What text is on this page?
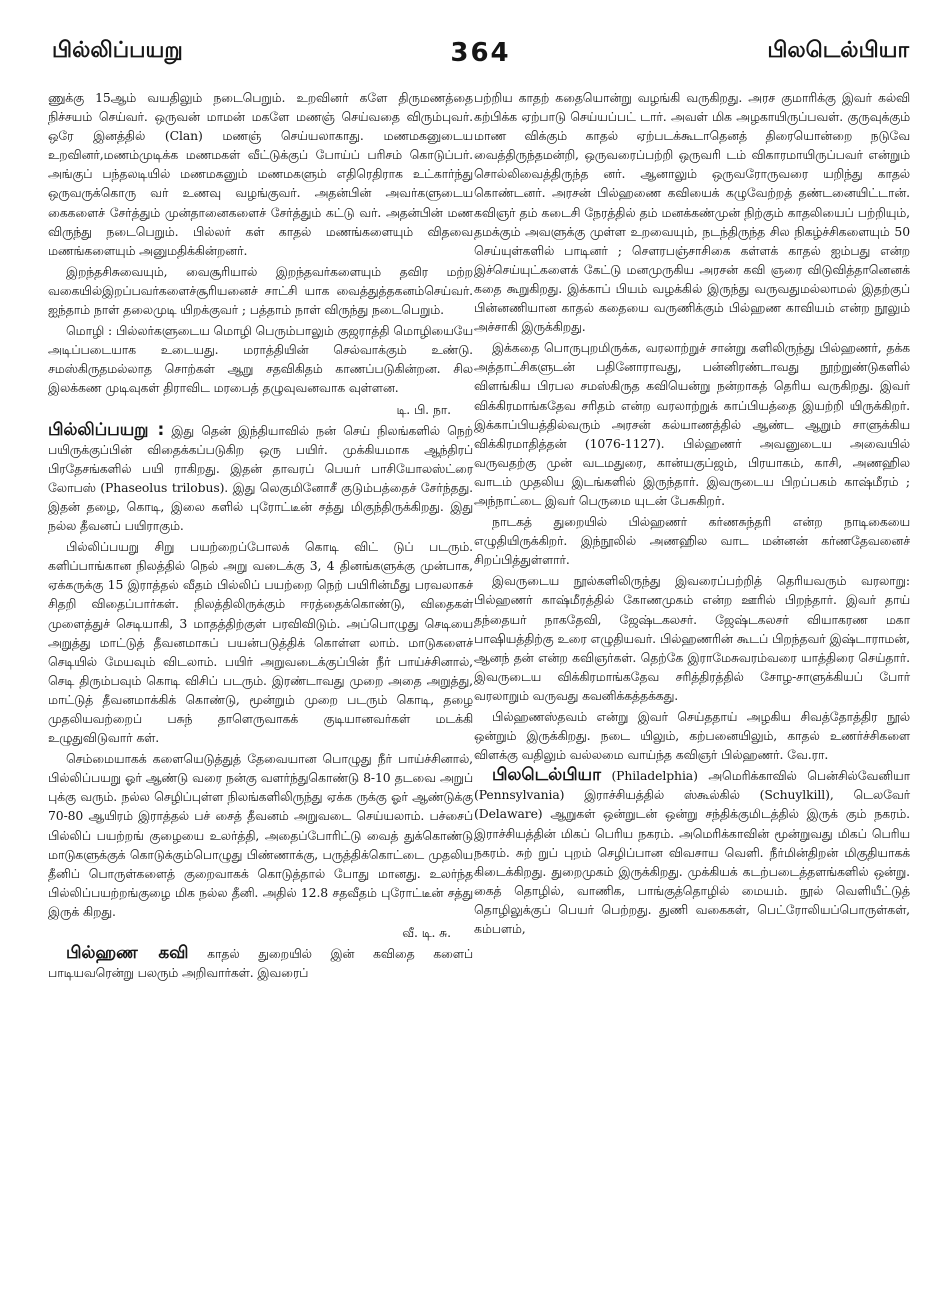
பில்லிப்பயறு	364	பிலடெல்பியா

ணுக்கு 15ஆம் வயதிலும் நடைபெறும். உறவினர் களே திருமணத்தை நிச்சயம் செய்வர். ஒருவன் மாமன் மகளே மணஞ் செய்வதை விரும்புவர். ஒரே இனத்தில் (Clan) மணஞ் செய்யலாகாது. மணமகனுடைய உறவினர்,மணம்முடிக்க மணமகள் வீட்டுக்குப் போய்ப் பரிசம் கொடுப்பர். அங்குப் பந்தலடியில் மணமகனும் மணமகளும் எதிரெதிராக உட்கார்ந்து ஒருவருக்கொரு வர் உணவு வழங்குவர். அதன்பின் அவர்களுடைய கைகளைச் சேர்த்தும் முன்தானைகளைச் சேர்த்தும் கட்டு வர். அதன்பின் மண விருந்து நடைபெறும். பில்லர் கள் காதல் மணங்களையும் விதவை மணங்களையும் அனுமதிக்கின்றனர்.

இறந்தசிசுவையும், வைசூரியால் இறந்தவர்களையும் தவிர மற்ற வகையில்இறப்பவர்களைச்சூரியனைச் சாட்சி யாக வைத்துத்தகனம்செய்வர். ஐந்தாம் நாள் தலைமுடி யிறக்குவர் ; பத்தாம் நாள் விருந்து நடைபெறும்.

மொழி : பில்லர்களுடைய மொழி பெரும்பாலும் குஜராத்தி மொழியையே அடிப்படையாக உடையது. மராத்தியின் செல்வாக்கும் உண்டு. சமஸ்கிருதமல்லாத சொற்கள் ஆறு சதவிகிதம் காணப்படுகின்றன. சில இலக்கண முடிவுகள் திராவிட மரபைத் தழுவுவனவாக வுள்ளன.

டி. பி. நா.

பில்லிப்பயறு : இது தென் இந்தியாவில் நன் செய் நிலங்களில் நெற் பயிருக்குப்பின் விதைக்கப்படுகிற ஒரு பயிர். முக்கியமாக ஆந்திரப் பிரதேசங்களில் பயி ராகிறது. இதன் தாவரப் பெயர் பாசியோலஸ்ட்ரை லோபஸ் (Phaseolus trilobus). இது லெகுமினோசீ குடும்பத்தைச் சேர்ந்தது. இதன் தழை, கொடி, இலை களில் புரோட்டீன் சத்து மிகுந்திருக்கிறது. இது நல்ல தீவனப் பயிராகும்.

பில்லிப்பயறு சிறு பயற்றைப்போலக் கொடி விட் டுப் படரும். களிப்பாங்கான நிலத்தில் நெல் அறு வடைக்கு 3, 4 தினங்களுக்கு முன்பாக, ஏக்கருக்கு 15 இராத்தல் வீதம் பில்லிப் பயற்றை நெற் பயிரின்மீது பரவலாகச் சிதறி விதைப்பார்கள். நிலத்திலிருக்கும் ஈரத்தைக்கொண்டு, விதைகள் முளைத்துச் செடியாகி, 3 மாதத்திற்குள் பரவிவிடும். அப்பொழுது செடியை அறுத்து மாட்டுத் தீவனமாகப் பயன்படுத்திக் கொள்ள லாம். மாடுகளைச் செடியில் மேயவும் விடலாம். பயிர் அறுவடைக்குப்பின் நீர் பாய்ச்சினால், செடி திரும்பவும் கொடி விசிப் படரும். இரண்டாவது முறை அதை அறுத்து, மாட்டுத் தீவனமாக்கிக் கொண்டு, மூன்றும் முறை படரும் கொடி, தழை முதலியவற்றைப் பசுந் தாளெருவாகக் குடியானவர்கள் மடக்கி உழுதுவிடுவார் கள்.

செம்மையாகக் களையெடுத்துத் தேவையான பொழுது நீர் பாய்ச்சினால், பில்லிப்பயறு ஓர் ஆண்டு வரை நன்கு வளர்ந்துகொண்டு 8-10 தடவை அறுப் புக்கு வரும். நல்ல செழிப்புள்ள நிலங்களிலிருந்து ஏக்க ருக்கு ஓர் ஆண்டுக்கு 70-80 ஆயிரம் இராத்தல் பச் சைத் தீவனம் அறுவடை செய்யலாம். பச்சைப் பில்லிப் பயற்றங் குழையை உலர்த்தி, அதைப்போரிட்டு வைத் துக்கொண்டு மாடுகளுக்குக் கொடுக்கும்பொழுது பிண்ணாக்கு, பருத்திக்கொட்டை முதலிய தீனிப் பொருள்களைத் குறைவாகக் கொடுத்தால் போது மானது. உலர்ந்த பில்லிப்பயற்றங்குழை மிக நல்ல தீனி. அதில் 12.8 சதவீதம் புரோட்டீன் சத்து இருக் கிறது.

வீ. டி. சு.

பில்ஹண கவி காதல் துறையில் இன் கவிதை களைப் பாடியவரென்று பலரும் அறிவார்கள். இவரைப்

பற்றிய காதற் கதையொன்று வழங்கி வருகிறது. அரச குமாரிக்கு இவர் கல்வி கற்பிக்க ஏற்பாடு செய்யப்பட் டார். அவள் மிக அழகாயிருப்பவள். குருவுக்கும் மாண விக்கும் காதல் ஏற்படக்கூடாதெனத் திரையொன்றை நடுவே வைத்திருந்தமன்றி, ஒருவரைப்பற்றி ஒருவரி டம் விகாரமாயிருப்பவர் என்றும் சொல்லிவைத்திருந்த னர். ஆனாலும் ஒருவரோருவரை யறிந்து காதல் கொண்டனர். அரசன் பில்ஹணை கவியைக் கழுவேற்றத் தண்டனையிட்டான். கவிஞர் தம் கடைசி நேரத்தில் தம் மனக்கண்முன் நிற்கும் காதலியைப் பற்றியும், தமக்கும் அவளுக்கு முள்ள உறவையும், நடந்திருந்த சில நிகழ்ச்சிகளையும் 50 செய்யுள்களில் பாடினர் ; சௌரபஞ்சாசிகை கள்ளக் காதல் ஐம்பது என்ற இச்செய்யுட்களைக் கேட்டு மனமுருகிய அரசன் கவி ஞரை விடுவித்தானெனக் கதை கூறுகிறது. இக்காப் பியம் வழக்கில் இருந்து வருவதுமல்லாமல் இதற்குப் பின்னணியான காதல் கதையை வருணிக்கும் பில்ஹண காவியம் என்ற நூலும் அச்சாகி இருக்கிறது.

இக்கதை பொருபுறமிருக்க, வரலாற்றுச் சான்று களிலிருந்து பில்ஹணர், தக்க அத்தாட்சிகளுடன் பதினோராவது, பன்னிரண்டாவது நூற்றுண்டுகளில் விளங்கிய பிரபல சமஸ்கிருத கவியென்று நன்றாகத் தெரிய வருகிறது. இவர் விக்கிரமாங்கதேவ சரிதம் என்ற வரலாற்றுக் காப்பியத்தை இயற்றி யிருக்கிறர். இக்காப்பியத்தில்வரும் அரசன் கல்யாணத்தில் ஆண்ட ஆறும் சாளுக்கிய விக்கிரமாதித்தன் (1076-1127). பில்ஹணர் அவனுடைய அவையில் வருவதற்கு முன் வடமதுரை, கான்யகுப்ஜம், பிரயாகம், காசி, அணஹில வாடம் முதலிய இடங்களில் இருந்தார். இவருடைய பிறப்பகம் காஷ்மீரம் ; அந்நாட்டை இவர் பெருமை யுடன் பேசுகிறர்.

நாடகத் துறையில் பில்ஹணர் கர்ணசுந்தரி என்ற நாடிகையை எழுதியிருக்கிறர். இந்நூலில் அணஹில வாட மன்னன் கர்ணதேவனைச் சிறப்பித்துள்ளார்.

இவருடைய நூல்களிலிருந்து இவரைப்பற்றித் தெரியவரும் வரலாறு: பில்ஹணர் காஷ்மீரத்தில் கோணமுகம் என்ற ஊரில் பிறந்தார். இவர் தாய் தந்தையர் நாகதேவி, ஜேஷ்டகலசர். ஜேஷ்டகலசர் வியாகரண மகா பாஷியத்திற்கு உரை எழுதியவர். பில்ஹணரின் கூடப் பிறந்தவர் இஷ்டாராமன், ஆனந் தன் என்ற கவிஞர்கள். தெற்கே இராமேசுவரம்வரை யாத்திரை செய்தார். இவருடைய விக்கிரமாங்கதேவ சரித்திரத்தில் சோழ-சாளுக்கியப் போர் வரலாறும் வருவது கவனிக்கத்தக்கது.

பில்ஹணஸ்தவம் என்று இவர் செய்ததாய் அழகிய சிவத்தோத்திர நூல் ஒன்றும் இருக்கிறது. நடை யிலும், கற்பனையிலும், காதல் உணர்ச்சிகளை விளக்கு வதிலும் வல்லமை வாய்ந்த கவிஞர் பில்ஹணர். வே.ரா.

பிலடெல்பியா (Philadelphia) அமெரிக்காவில் பென்சில்வேனியா (Pennsylvania) இராச்சியத்தில் ஸ்கூல்கில் (Schuylkill), டெலவேர் (Delaware) ஆறுகள் ஒன்றுடன் ஒன்று சந்திக்குமிடத்தில் இருக் கும் நகரம். இராச்சியத்தின் மிகப் பெரிய நகரம். அமெரிக்காவின் மூன்றுவது மிகப் பெரிய நகரம். சுற் றுப் புறம் செழிப்பான விவசாய வெளி. நீர்மின்திறன் மிகுதியாகக் கிடைக்கிறது. துறைமுகம் இருக்கிறது. முக்கியக் கடற்படைத்தளங்களில் ஒன்று. கைத் தொழில், வாணிக, பாங்குத்தொழில் மையம். நூல் வெளியீட்டுத் தொழிலுக்குப் பெயர் பெற்றது. துணி வகைகள், பெட்ரோலியப்பொருள்கள், கம்பளம்,
